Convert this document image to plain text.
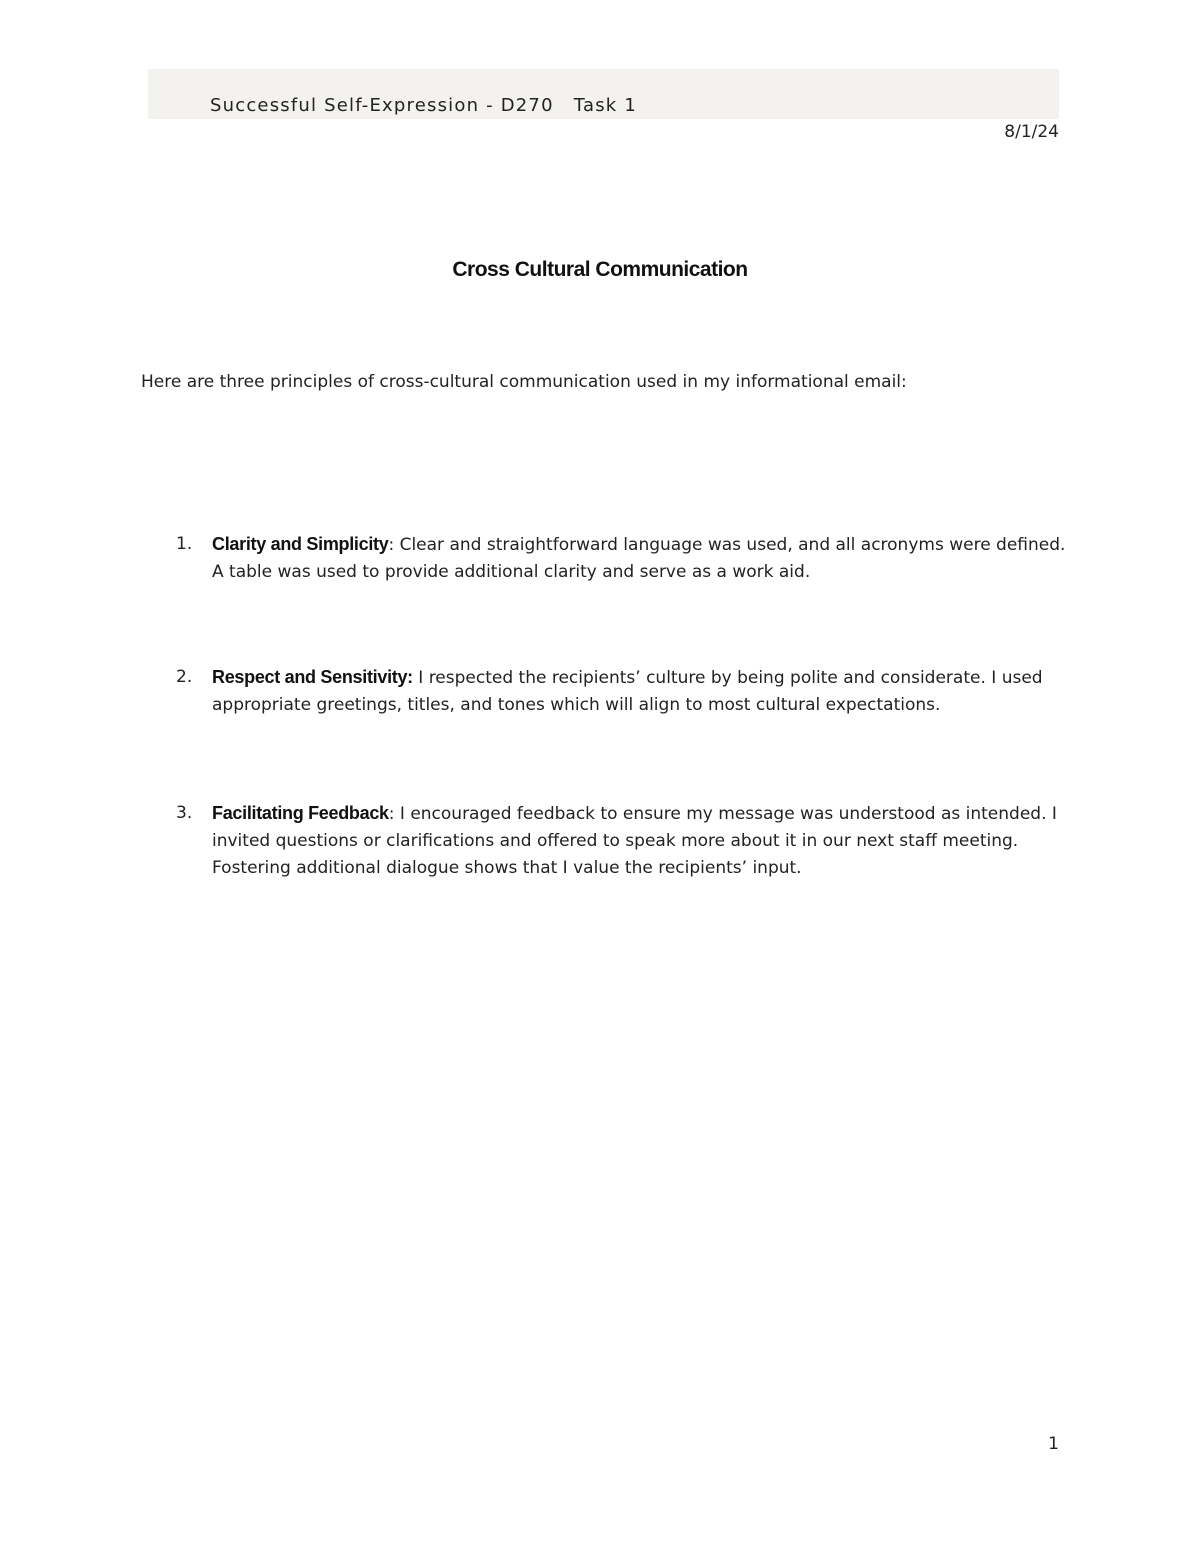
Successful Self-Expression - D270 Task 1
8/1/24
Cross Cultural Communication
Here are three principles of cross-cultural communication used in my informational email:
1. Clarity and Simplicity: Clear and straightforward language was used, and all acronyms were defined. A table was used to provide additional clarity and serve as a work aid.
2. Respect and Sensitivity: I respected the recipients’ culture by being polite and considerate. I used appropriate greetings, titles, and tones which will align to most cultural expectations.
3. Facilitating Feedback: I encouraged feedback to ensure my message was understood as intended. I invited questions or clarifications and offered to speak more about it in our next staff meeting. Fostering additional dialogue shows that I value the recipients’ input.
1
